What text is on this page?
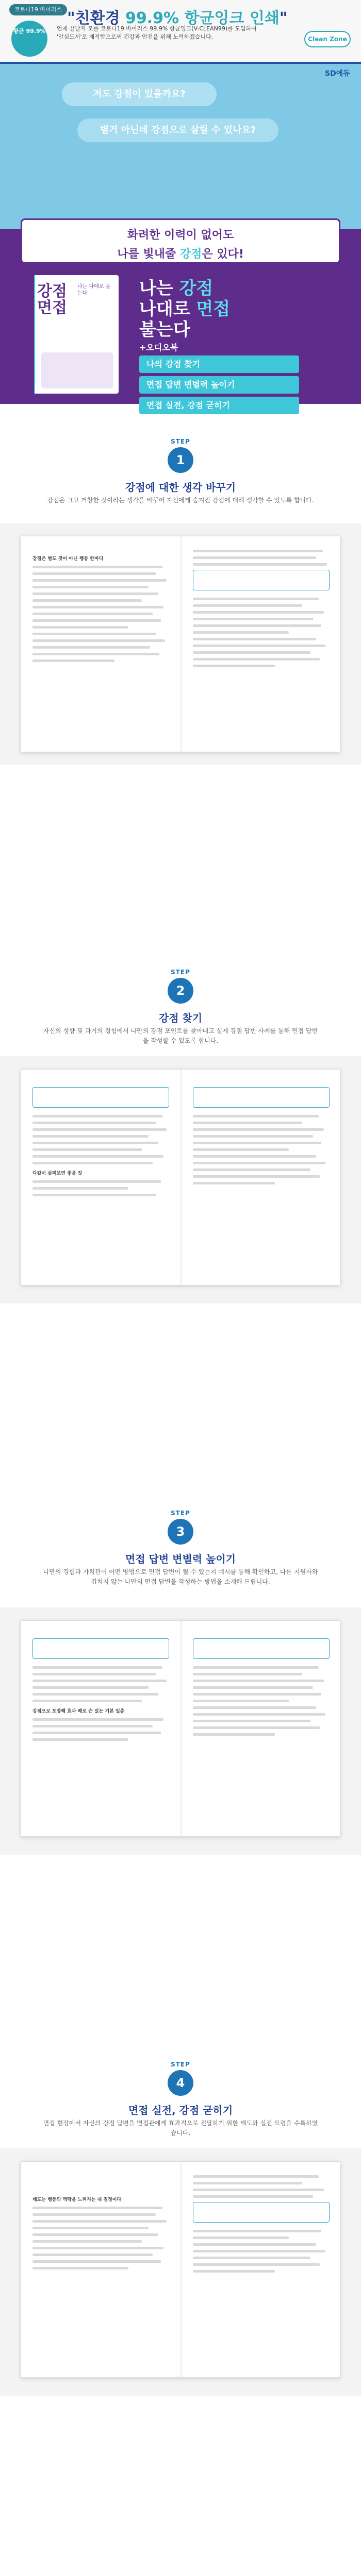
코로나19 바이러스 "친환경 99.9% 항균잉크 인쇄"
항균 99.9%	언제 끝날지 모를 코로나19 바이러스 99.9% 항균잉크(V-CLEAN99)를 도입하여 '안심도서'로 재작함으로써 건강과 안전을 위해 노력하겠습니다.	Clean Zone
저도 강점이 있을까요?
별거 아닌데 강점으로 살릴 수 있나요?
SD에듀
화려한 이력이 없어도
나를 빛내줄 강점은 있다!
강점 면접
나는 나대로 불는다	나는 강점
나대로 면접
불는다
+오디오북
나의 강점 찾기
면접 답변 변별력 높이기
면접 실전, 강점 굳히기
STEP
1
강점에 대한 생각 바꾸기
강점은 크고 거창한 것이라는 생각을 바꾸어 자신에게 숨겨진 강점에 대해 생각할 수 있도록 합니다.
강점은 별도 것이 아닌 행동 한마디
STEP
2
강점 찾기
자신의 성향 및 과거의 경험에서 나만의 강점 포인트를 찾아내고 실제 강점 답변 사례를 통해 면접 답변을 작성할 수 있도록 합니다.
다같이 살펴보면 좋을 짓
STEP
3
면접 답변 변별력 높이기
나만의 경험과 가치관이 어떤 방법으로 면접 답변이 될 수 있는지 예시를 통해 확인하고, 다른 지원자와 겹치지 않는 나만의 면접 답변을 작성하는 방법을 소개해 드립니다.
강점으로 포장해 효과 배로 슨 있는 기본 일층
STEP
4
면접 실전, 강점 굳히기
면접 현장에서 자신의 강점 답변을 면접관에게 효과적으로 전달하기 위한 태도와 실전 요령을 수록하였습니다.
태도는 행동의 맥락을 느껴지는 내 결정이다
